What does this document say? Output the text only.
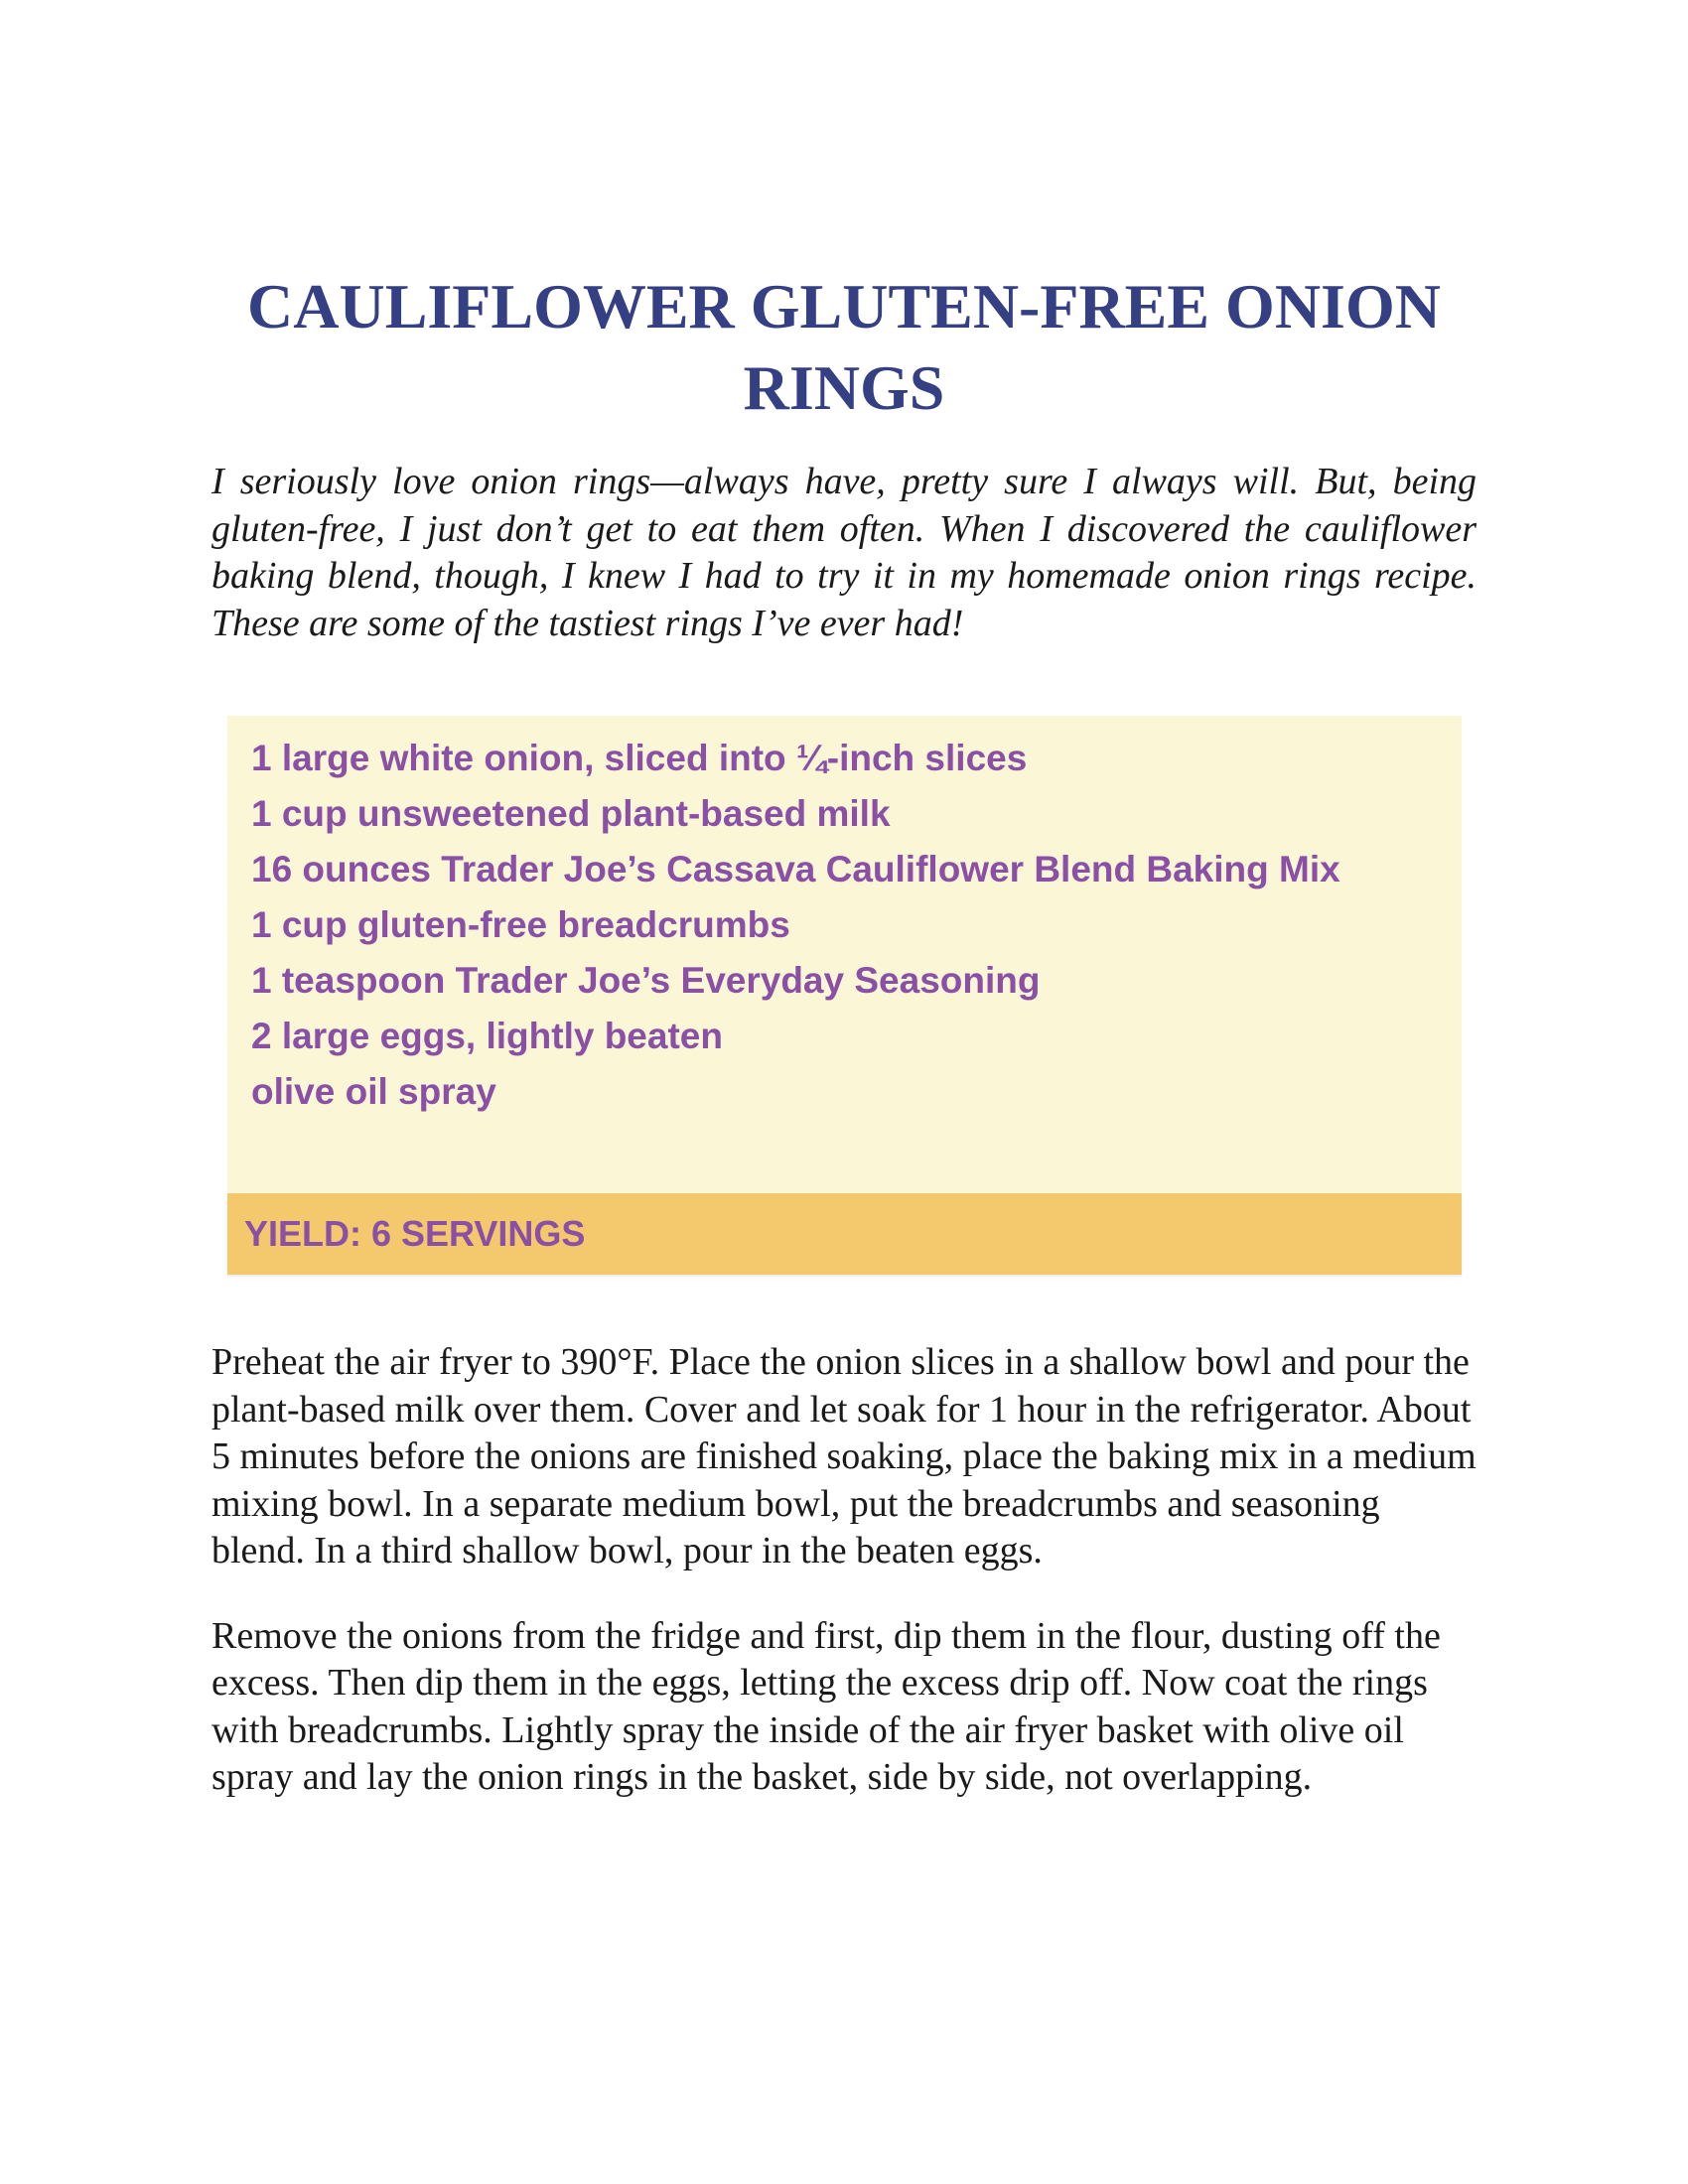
CAULIFLOWER GLUTEN-FREE ONION RINGS

I seriously love onion rings—always have, pretty sure I always will. But, being gluten-free, I just don’t get to eat them often. When I discovered the cauliflower baking blend, though, I knew I had to try it in my homemade onion rings recipe. These are some of the tastiest rings I’ve ever had!

1 large white onion, sliced into ¼-inch slices
1 cup unsweetened plant-based milk
16 ounces Trader Joe’s Cassava Cauliflower Blend Baking Mix
1 cup gluten-free breadcrumbs
1 teaspoon Trader Joe’s Everyday Seasoning
2 large eggs, lightly beaten
olive oil spray
YIELD: 6 SERVINGS

Preheat the air fryer to 390°F. Place the onion slices in a shallow bowl and pour the plant-based milk over them. Cover and let soak for 1 hour in the refrigerator. About 5 minutes before the onions are finished soaking, place the baking mix in a medium mixing bowl. In a separate medium bowl, put the breadcrumbs and seasoning blend. In a third shallow bowl, pour in the beaten eggs.

Remove the onions from the fridge and first, dip them in the flour, dusting off the excess. Then dip them in the eggs, letting the excess drip off. Now coat the rings with breadcrumbs. Lightly spray the inside of the air fryer basket with olive oil spray and lay the onion rings in the basket, side by side, not overlapping.
